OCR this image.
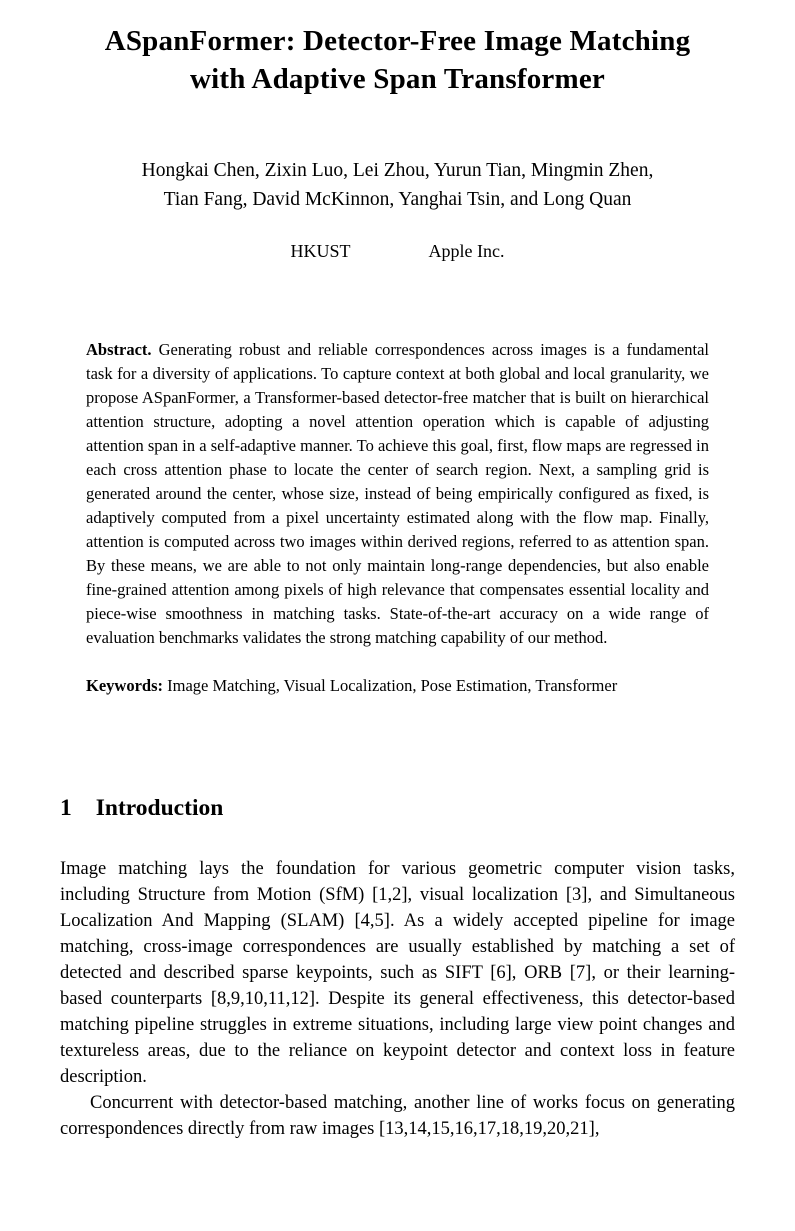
ASpanFormer: Detector-Free Image Matching
with Adaptive Span Transformer
Hongkai Chen, Zixin Luo, Lei Zhou, Yurun Tian, Mingmin Zhen,
Tian Fang, David McKinnon, Yanghai Tsin, and Long Quan
HKUST	Apple Inc.

Abstract. Generating robust and reliable correspondences across images is a fundamental task for a diversity of applications. To capture context at both global and local granularity, we propose ASpanFormer, a Transformer-based detector-free matcher that is built on hierarchical attention structure, adopting a novel attention operation which is capable of adjusting attention span in a self-adaptive manner. To achieve this goal, first, flow maps are regressed in each cross attention phase to locate the center of search region. Next, a sampling grid is generated around the center, whose size, instead of being empirically configured as fixed, is adaptively computed from a pixel uncertainty estimated along with the flow map. Finally, attention is computed across two images within derived regions, referred to as attention span. By these means, we are able to not only maintain long-range dependencies, but also enable fine-grained attention among pixels of high relevance that compensates essential locality and piece-wise smoothness in matching tasks. State-of-the-art accuracy on a wide range of evaluation benchmarks validates the strong matching capability of our method.

Keywords: Image Matching, Visual Localization, Pose Estimation, Transformer

1 Introduction

Image matching lays the foundation for various geometric computer vision tasks, including Structure from Motion (SfM) [1,2], visual localization [3], and Simultaneous Localization And Mapping (SLAM) [4,5]. As a widely accepted pipeline for image matching, cross-image correspondences are usually established by matching a set of detected and described sparse keypoints, such as SIFT [6], ORB [7], or their learning-based counterparts [8,9,10,11,12]. Despite its general effectiveness, this detector-based matching pipeline struggles in extreme situations, including large view point changes and textureless areas, due to the reliance on keypoint detector and context loss in feature description.

Concurrent with detector-based matching, another line of works focus on generating correspondences directly from raw images [13,14,15,16,17,18,19,20,21],
